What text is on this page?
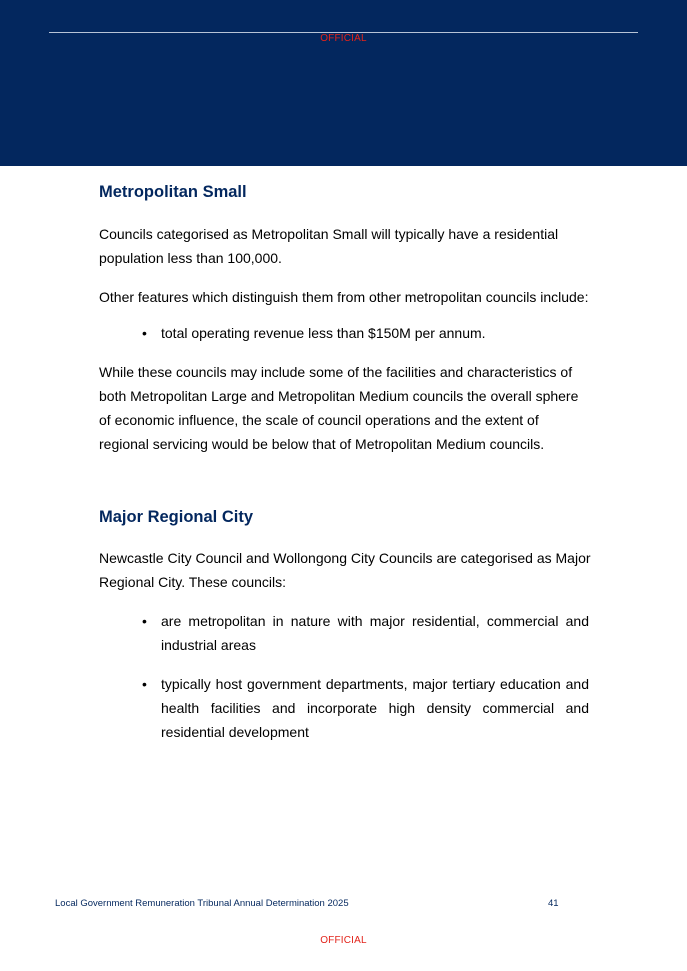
OFFICIAL
Metropolitan Small

Councils categorised as Metropolitan Small will typically have a residential population less than 100,000.

Other features which distinguish them from other metropolitan councils include:

• total operating revenue less than $150M per annum.

While these councils may include some of the facilities and characteristics of both Metropolitan Large and Metropolitan Medium councils the overall sphere of economic influence, the scale of council operations and the extent of regional servicing would be below that of Metropolitan Medium councils.

Major Regional City

Newcastle City Council and Wollongong City Councils are categorised as Major Regional City. These councils:

• are metropolitan in nature with major residential, commercial and industrial areas

• typically host government departments, major tertiary education and health facilities and incorporate high density commercial and residential development

Local Government Remuneration Tribunal Annual Determination 2025	41
OFFICIAL
